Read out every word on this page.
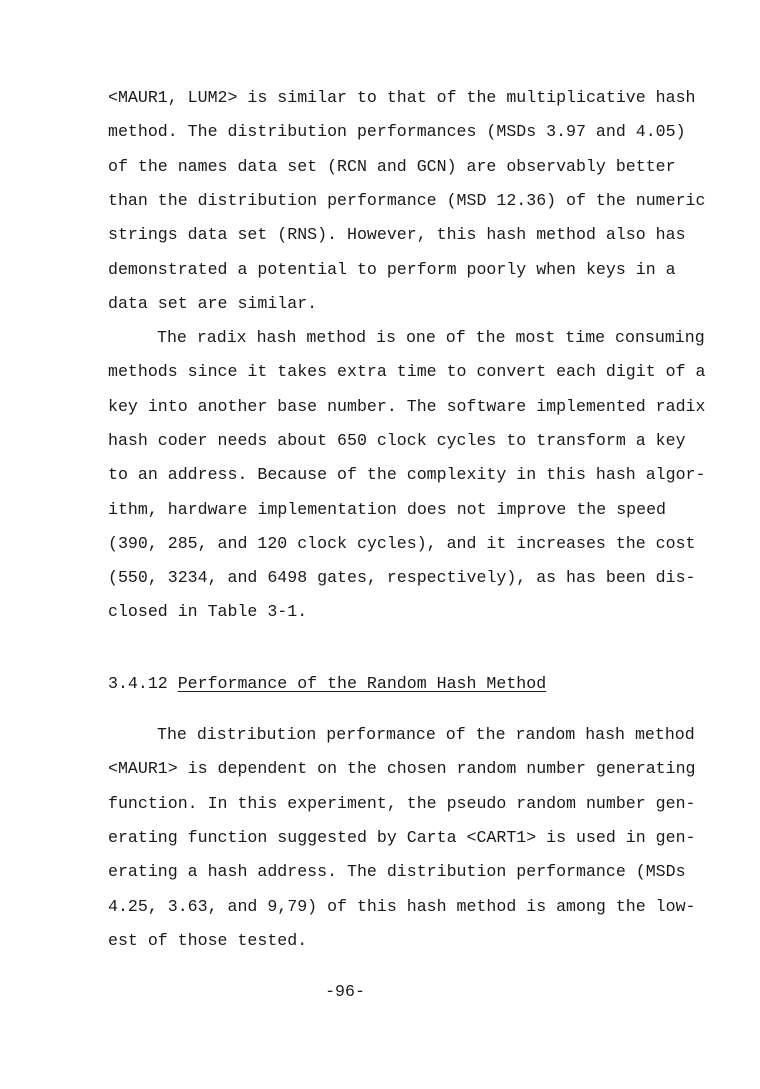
<MAUR1, LUM2> is similar to that of the multiplicative hash
method. The distribution performances (MSDs 3.97 and 4.05)
of the names data set (RCN and GCN) are observably better
than the distribution performance (MSD 12.36) of the numeric
strings data set (RNS). However, this hash method also has
demonstrated a potential to perform poorly when keys in a
data set are similar.
The radix hash method is one of the most time consuming
methods since it takes extra time to convert each digit of a
key into another base number. The software implemented radix
hash coder needs about 650 clock cycles to transform a key
to an address. Because of the complexity in this hash algor-
ithm, hardware implementation does not improve the speed
(390, 285, and 120 clock cycles), and it increases the cost
(550, 3234, and 6498 gates, respectively), as has been dis-
closed in Table 3-1.
The distribution performance of the random hash method
<MAUR1> is dependent on the chosen random number generating
function. In this experiment, the pseudo random number gen-
erating function suggested by Carta <CART1> is used in gen-
erating a hash address. The distribution performance (MSDs
4.25, 3.63, and 9,79) of this hash method is among the low-
est of those tested.
3.4.12 Performance of the Random Hash Method
-96-
